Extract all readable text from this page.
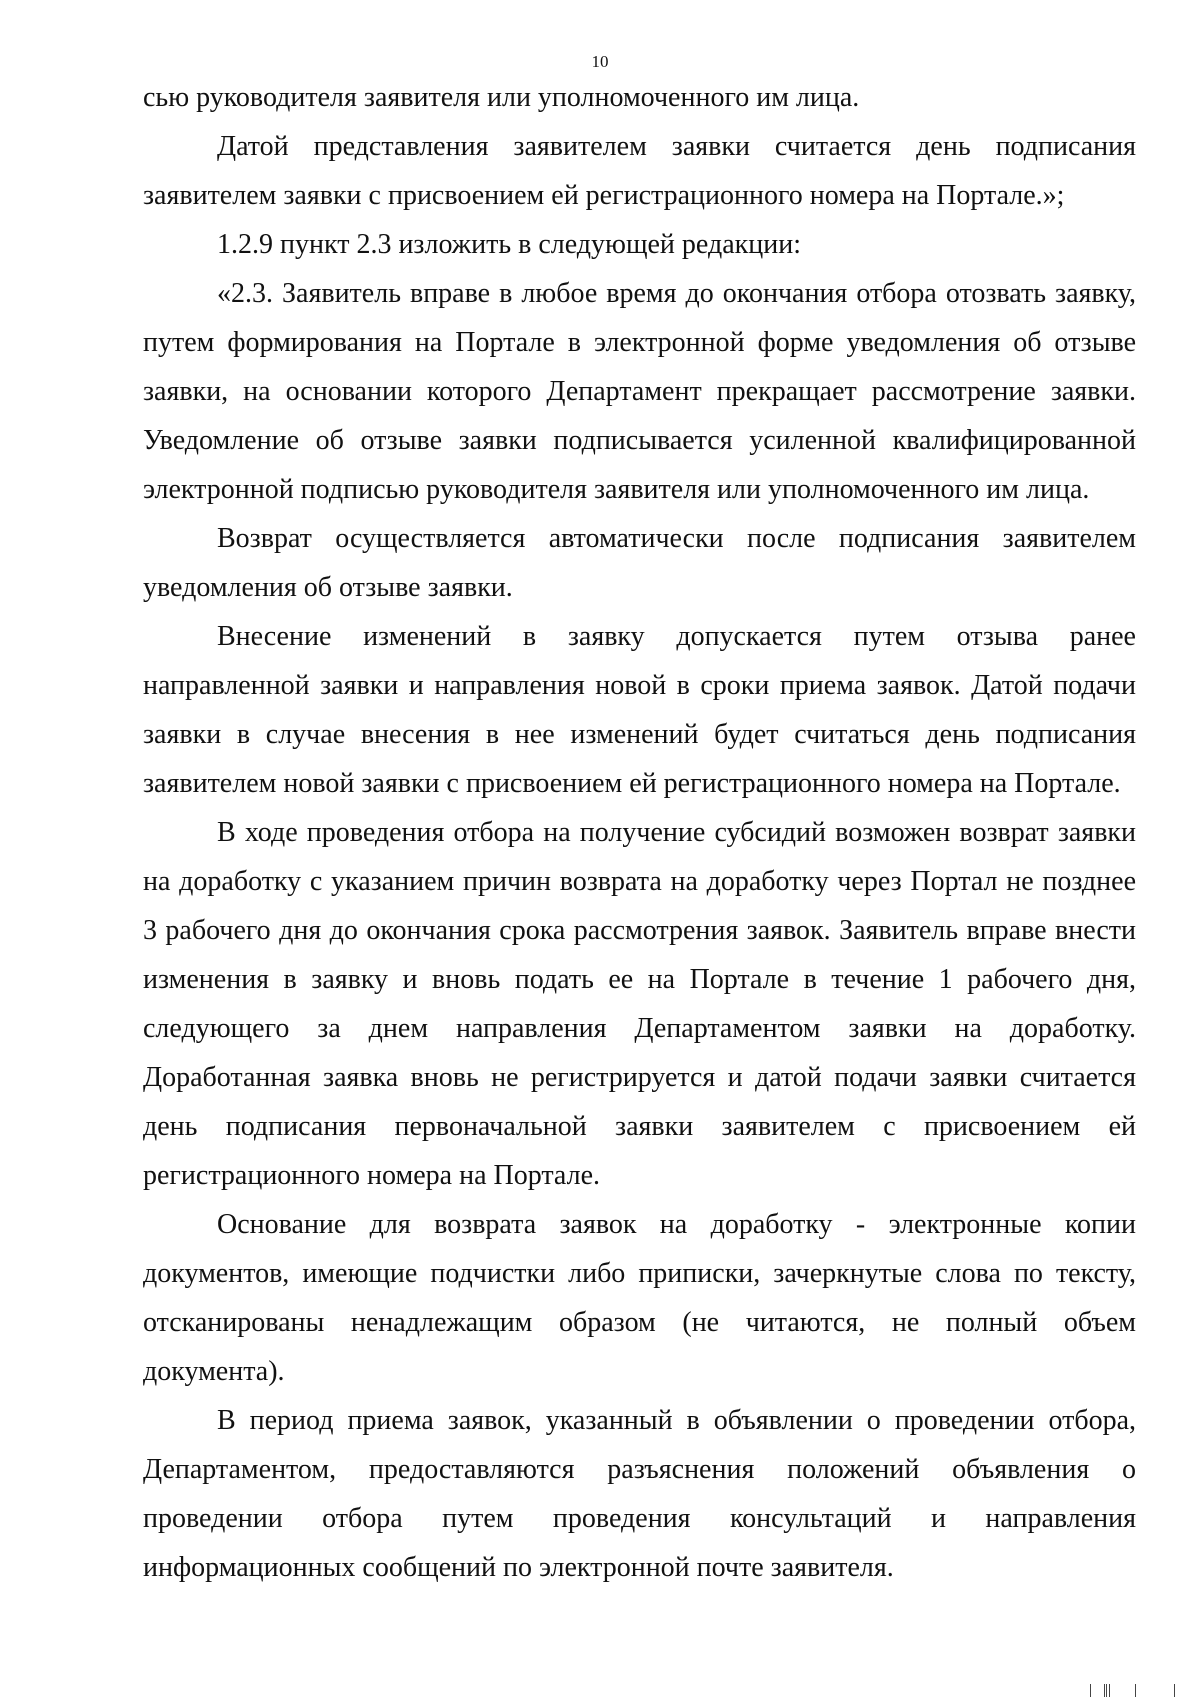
10

сью руководителя заявителя или уполномоченного им лица.

Датой представления заявителем заявки считается день подписания заявителем заявки с присвоением ей регистрационного номера на Портале.»;

1.2.9 пункт 2.3 изложить в следующей редакции:

«2.3. Заявитель вправе в любое время до окончания отбора отозвать заявку, путем формирования на Портале в электронной форме уведомления об отзыве заявки, на основании которого Департамент прекращает рассмотрение заявки. Уведомление об отзыве заявки подписывается усиленной квалифицированной электронной подписью руководителя заявителя или уполномоченного им лица.

Возврат осуществляется автоматически после подписания заявителем уведомления об отзыве заявки.

Внесение изменений в заявку допускается путем отзыва ранее направленной заявки и направления новой в сроки приема заявок. Датой подачи заявки в случае внесения в нее изменений будет считаться день подписания заявителем новой заявки с присвоением ей регистрационного номера на Портале.

В ходе проведения отбора на получение субсидий возможен возврат заявки на доработку с указанием причин возврата на доработку через Портал не позднее 3 рабочего дня до окончания срока рассмотрения заявок. Заявитель вправе внести изменения в заявку и вновь подать ее на Портале в течение 1 рабочего дня, следующего за днем направления Департаментом заявки на доработку. Доработанная заявка вновь не регистрируется и датой подачи заявки считается день подписания первоначальной заявки заявителем с присвоением ей регистрационного номера на Портале.

Основание для возврата заявок на доработку - электронные копии документов, имеющие подчистки либо приписки, зачеркнутые слова по тексту, отсканированы ненадлежащим образом (не читаются, не полный объем документа).

В период приема заявок, указанный в объявлении о проведении отбора, Департаментом, предоставляются разъяснения положений объявления о проведении отбора путем проведения консультаций и направления информационных сообщений по электронной почте заявителя.
